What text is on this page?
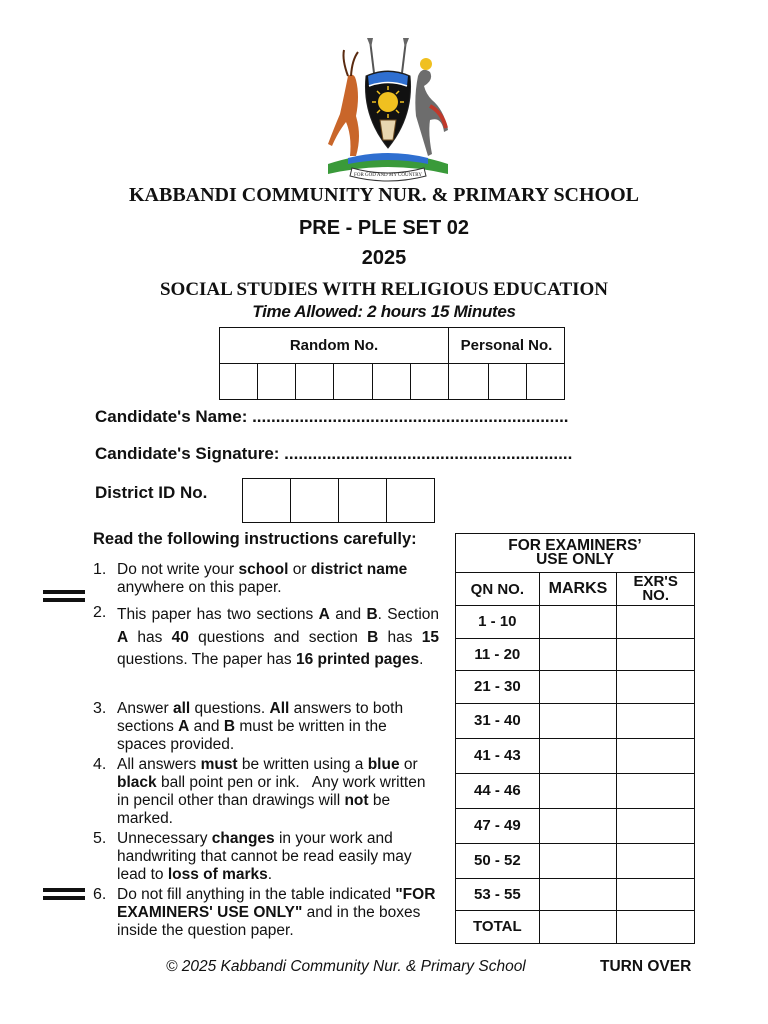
FOR GOD AND MY COUNTRY
KABBANDI COMMUNITY NUR. & PRIMARY SCHOOL
PRE - PLE SET 02
2025
SOCIAL STUDIES WITH RELIGIOUS EDUCATION
Time Allowed: 2 hours 15 Minutes
Random No.						Personal No.		

Candidate's Name: ...................................................................
Candidate's Signature: .............................................................
District ID No.

Read the following instructions carefully:
1. Do not write your school or district name anywhere on this paper.
2. This paper has two sections A and B. Section A has 40 questions and section B has 15 questions. The paper has 16 printed pages.
3. Answer all questions. All answers to both sections A and B must be written in the spaces provided.
4. All answers must be written using a blue or black ball point pen or ink.   Any work written in pencil other than drawings will not be marked.
5. Unnecessary changes in your work and handwriting that cannot be read easily may lead to loss of marks.
6. Do not fill anything in the table indicated "FOR EXAMINERS' USE ONLY" and in the boxes inside the question paper.
FOR EXAMINERS’
USE ONLY		

QN NO.	MARKS	EXR'S
NO.

1 - 10		
11 - 20		
21 - 30		
31 - 40		
41 - 43		
44 - 46		
47 - 49		
50 - 52		
53 - 55		
TOTAL		
© 2025 Kabbandi Community Nur. & Primary School	TURN OVER
